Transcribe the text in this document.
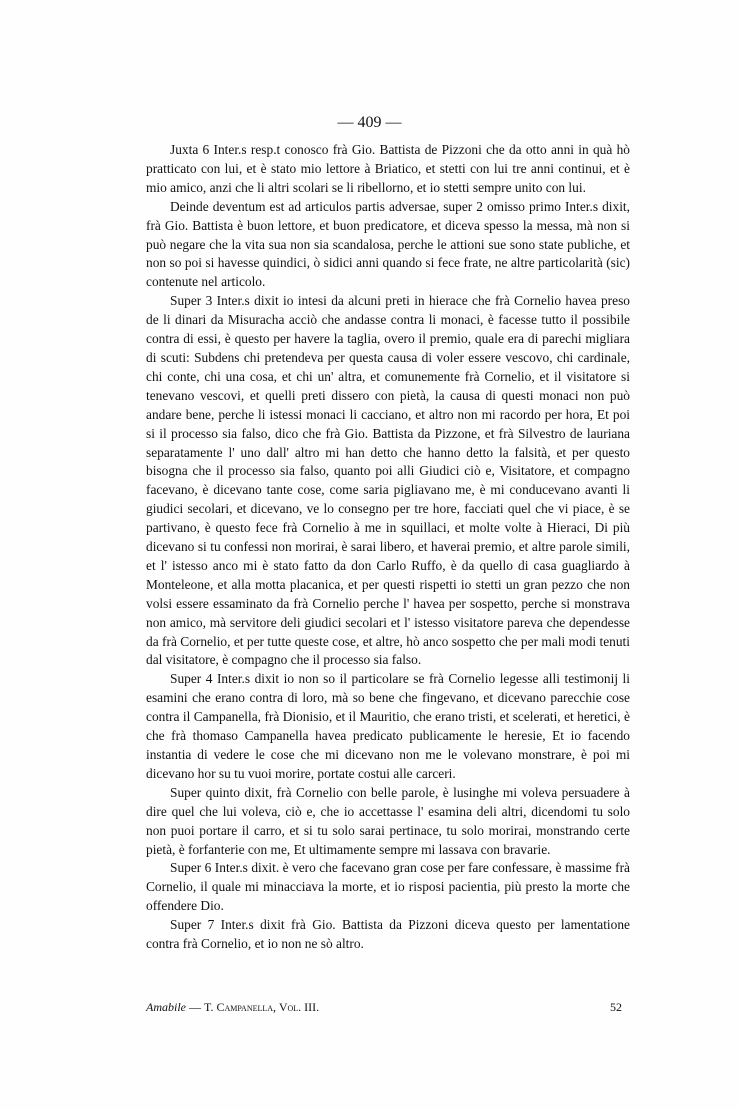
— 409 —

Juxta 6 Inter.s resp.t conosco frà Gio. Battista de Pizzoni che da otto anni in quà hò pratticato con lui, et è stato mio lettore à Briatico, et stetti con lui tre anni continui, et è mio amico, anzi che li altri scolari se li ribellorno, et io stetti sempre unito con lui.

Deinde deventum est ad articulos partis adversae, super 2 omisso primo Inter.s dixit, frà Gio. Battista è buon lettore, et buon predicatore, et diceva spesso la messa, mà non si può negare che la vita sua non sia scandalosa, perche le attioni sue sono state publiche, et non so poi si havesse quindici, ò sidici anni quando si fece frate, ne altre particolarità (sic) contenute nel articolo.

Super 3 Inter.s dixit io intesi da alcuni preti in hierace che frà Cornelio havea preso de li dinari da Misuracha acciò che andasse contra li monaci, è facesse tutto il possibile contra di essi, è questo per havere la taglia, overo il premio, quale era di parechi migliara di scuti: Subdens chi pretendeva per questa causa di voler essere vescovo, chi cardinale, chi conte, chi una cosa, et chi un' altra, et comunemente frà Cornelio, et il visitatore si tenevano vescovi, et quelli preti dissero con pietà, la causa di questi monaci non può andare bene, perche li istessi monaci li cacciano, et altro non mi racordo per hora, Et poi si il processo sia falso, dico che frà Gio. Battista da Pizzone, et frà Silvestro de lauriana separatamente l' uno dall' altro mi han detto che hanno detto la falsità, et per questo bisogna che il processo sia falso, quanto poi alli Giudici ciò e, Visitatore, et compagno facevano, è dicevano tante cose, come saria pigliavano me, è mi conducevano avanti li giudici secolari, et dicevano, ve lo consegno per tre hore, facciati quel che vi piace, è se partivano, è questo fece frà Cornelio à me in squillaci, et molte volte à Hieraci, Di più dicevano si tu confessi non morirai, è sarai libero, et haverai premio, et altre parole simili, et l' istesso anco mi è stato fatto da don Carlo Ruffo, è da quello di casa guagliardo à Monteleone, et alla motta placanica, et per questi rispetti io stetti un gran pezzo che non volsi essere essaminato da frà Cornelio perche l' havea per sospetto, perche si monstrava non amico, mà servitore deli giudici secolari et l' istesso visitatore pareva che dependesse da frà Cornelio, et per tutte queste cose, et altre, hò anco sospetto che per mali modi tenuti dal visitatore, è compagno che il processo sia falso.

Super 4 Inter.s dixit io non so il particolare se frà Cornelio legesse alli testimonij li esamini che erano contra di loro, mà so bene che fingevano, et dicevano parecchie cose contra il Campanella, frà Dionisio, et il Mauritio, che erano tristi, et scelerati, et heretici, è che frà thomaso Campanella havea predicato publicamente le heresie, Et io facendo instantia di vedere le cose che mi dicevano non me le volevano monstrare, è poi mi dicevano hor su tu vuoi morire, portate costui alle carceri.

Super quinto dixit, frà Cornelio con belle parole, è lusinghe mi voleva persuadere à dire quel che lui voleva, ciò e, che io accettasse l' esamina deli altri, dicendomi tu solo non puoi portare il carro, et si tu solo sarai pertinace, tu solo morirai, monstrando certe pietà, è forfanterie con me, Et ultimamente sempre mi lassava con bravarie.

Super 6 Inter.s dixit. è vero che facevano gran cose per fare confessare, è massime frà Cornelio, il quale mi minacciava la morte, et io risposi pacientia, più presto la morte che offendere Dio.

Super 7 Inter.s dixit frà Gio. Battista da Pizzoni diceva questo per lamentatione contra frà Cornelio, et io non ne sò altro.

Amabile — T. Campanella, Vol. III.	52
